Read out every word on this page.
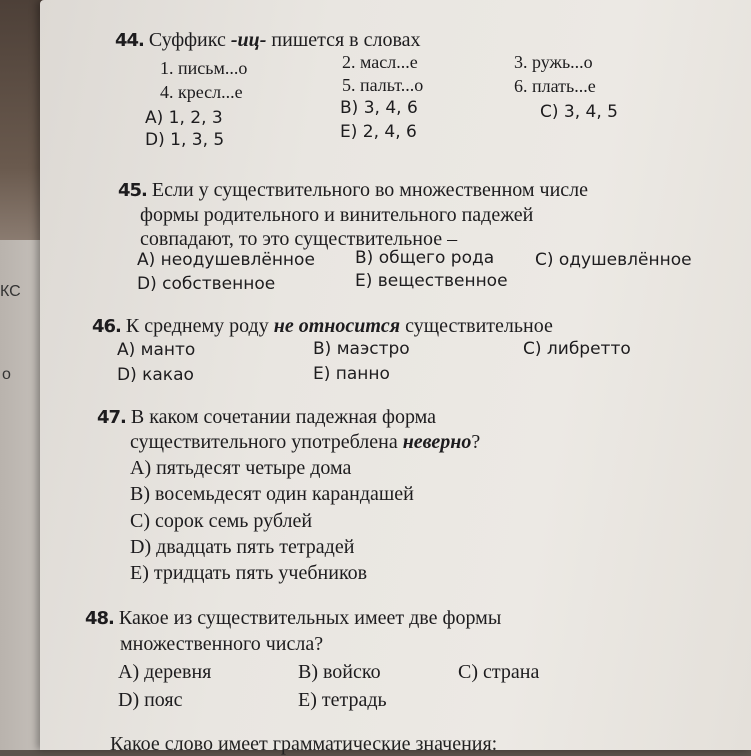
КС
о
44. Суффикс -иц- пишется в словах
1. письм...о	2. масл...е	3. ружь...о
4. кресл...е	5. пальт...о	6. плать...е
А) 1, 2, 3	В) 3, 4, 6	С) 3, 4, 5
D) 1, 3, 5	Е) 2, 4, 6
45. Если у существительного во множественном числе
формы родительного и винительного падежей
совпадают, то это существительное –
А) неодушевлённое В) общего рода С) одушевлённое
D) собственное	Е) вещественное
46. К среднему роду не относится существительное
А) манто	В) маэстро	С) либретто
D) какао	Е) панно
47. В каком сочетании падежная форма
существительного употреблена неверно?
А) пятьдесят четыре дома
В) восемьдесят один карандашей
С) сорок семь рублей
D) двадцать пять тетрадей
Е) тридцать пять учебников
48. Какое из существительных имеет две формы
множественного числа?
А) деревня	В) войско	С) страна
D) пояс	Е) тетрадь
Какое слово имеет грамматические значения:
